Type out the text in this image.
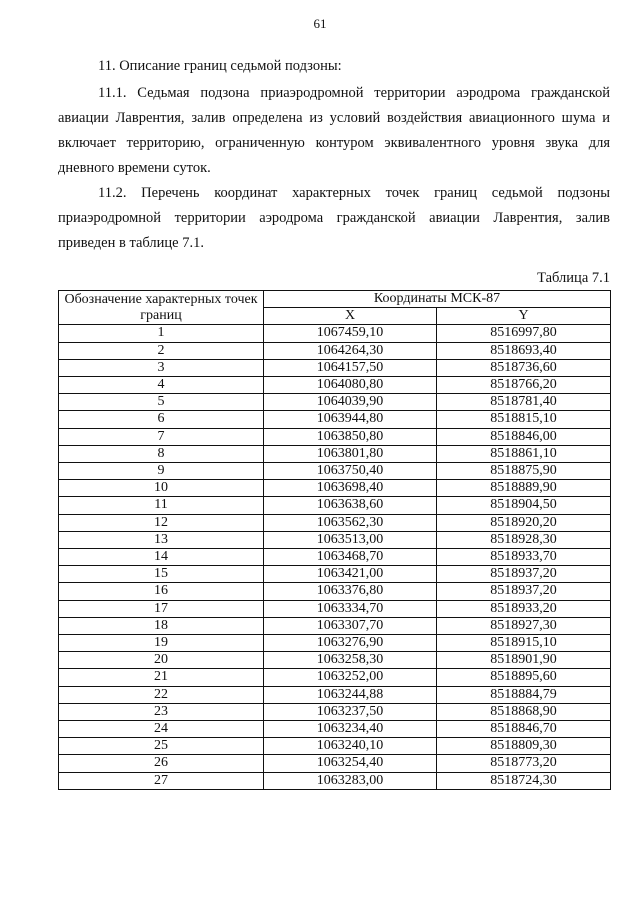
61

11. Описание границ седьмой подзоны:

11.1. Седьмая подзона приаэродромной территории аэродрома гражданской авиации Лаврентия, залив определена из условий воздействия авиационного шума и включает территорию, ограниченную контуром эквивалентного уровня звука для дневного времени суток.

11.2. Перечень координат характерных точек границ седьмой подзоны приаэродромной территории аэродрома гражданской авиации Лаврентия, залив приведен в таблице 7.1.

Таблица 7.1
Обозначение характерных точек границ	Координаты МСК-87	
	X	Y
1	1067459,10	8516997,80
2	1064264,30	8518693,40
3	1064157,50	8518736,60
4	1064080,80	8518766,20
5	1064039,90	8518781,40
6	1063944,80	8518815,10
7	1063850,80	8518846,00
8	1063801,80	8518861,10
9	1063750,40	8518875,90
10	1063698,40	8518889,90
11	1063638,60	8518904,50
12	1063562,30	8518920,20
13	1063513,00	8518928,30
14	1063468,70	8518933,70
15	1063421,00	8518937,20
16	1063376,80	8518937,20
17	1063334,70	8518933,20
18	1063307,70	8518927,30
19	1063276,90	8518915,10
20	1063258,30	8518901,90
21	1063252,00	8518895,60
22	1063244,88	8518884,79
23	1063237,50	8518868,90
24	1063234,40	8518846,70
25	1063240,10	8518809,30
26	1063254,40	8518773,20
27	1063283,00	8518724,30
